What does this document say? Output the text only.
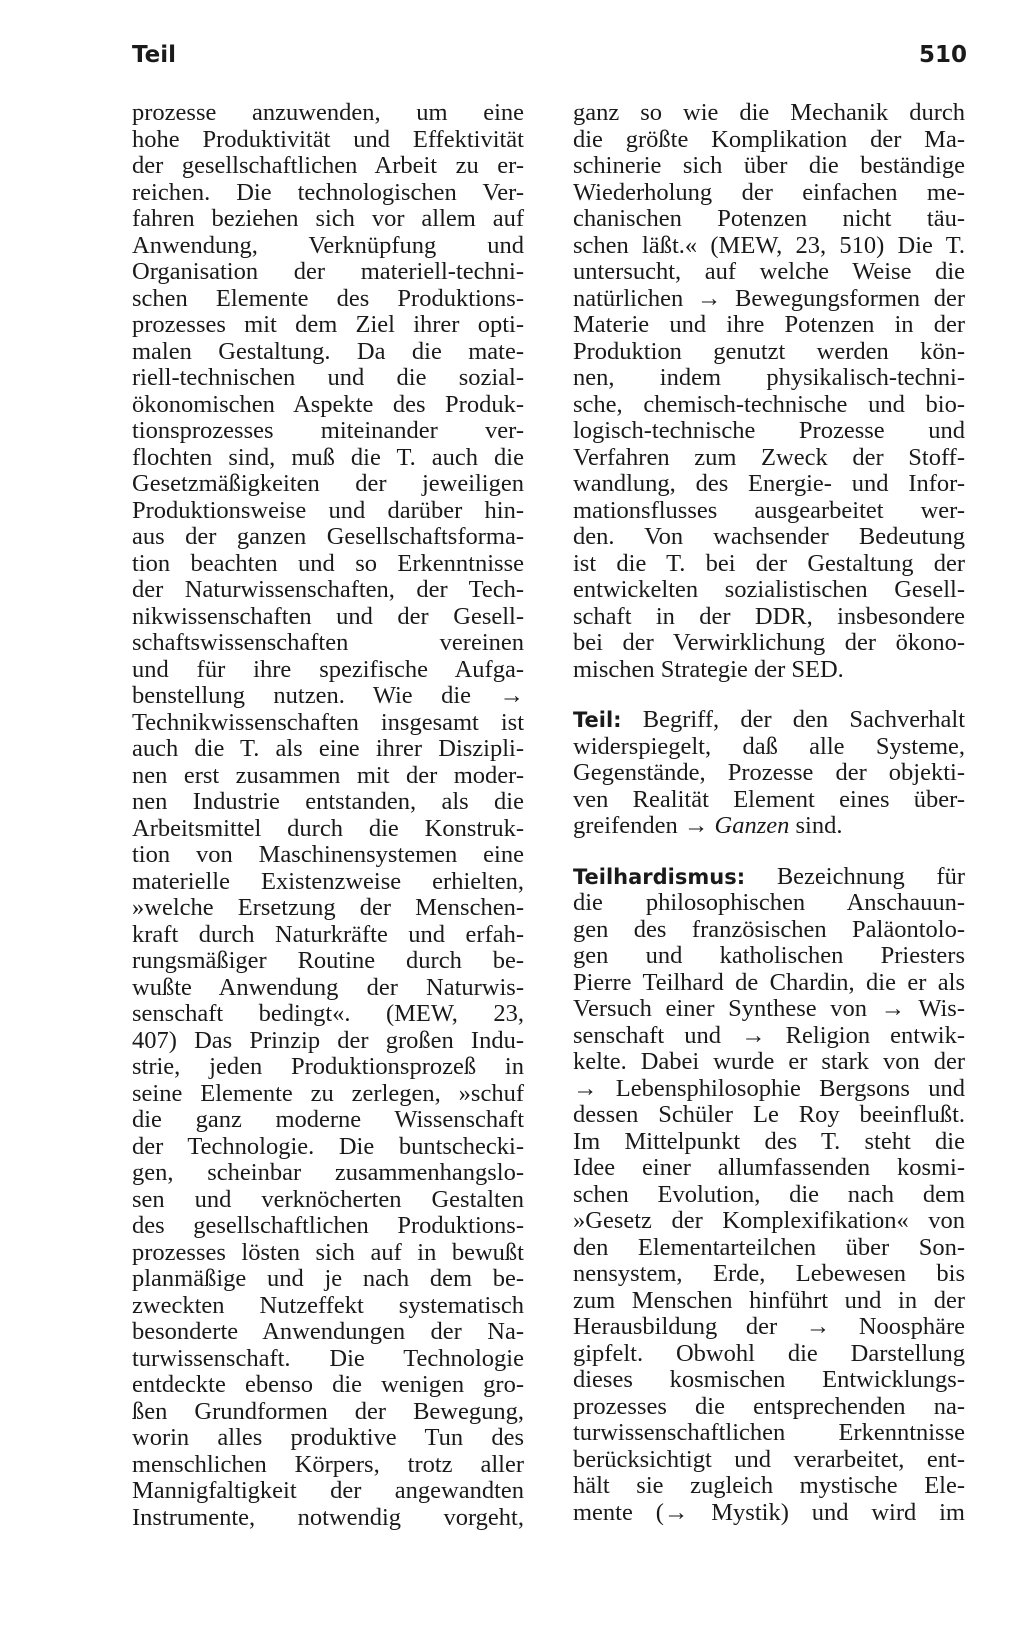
Teil	510
prozesse anzuwenden, um eine
hohe Produktivität und Effektivität
der gesellschaftlichen Arbeit zu er-
reichen. Die technologischen Ver-
fahren beziehen sich vor allem auf
Anwendung, Verknüpfung und
Organisation der materiell-techni-
schen Elemente des Produktions-
prozesses mit dem Ziel ihrer opti-
malen Gestaltung. Da die mate-
riell-technischen und die sozial-
ökonomischen Aspekte des Produk-
tionsprozesses miteinander ver-
flochten sind, muß die T. auch die
Gesetzmäßigkeiten der jeweiligen
Produktionsweise und darüber hin-
aus der ganzen Gesellschaftsforma-
tion beachten und so Erkenntnisse
der Naturwissenschaften, der Tech-
nikwissenschaften und der Gesell-
schaftswissenschaften vereinen
und für ihre spezifische Aufga-
benstellung nutzen. Wie die →
Technikwissenschaften insgesamt ist
auch die T. als eine ihrer Diszipli-
nen erst zusammen mit der moder-
nen Industrie entstanden, als die
Arbeitsmittel durch die Konstruk-
tion von Maschinensystemen eine
materielle Existenzweise erhielten,
»welche Ersetzung der Menschen-
kraft durch Naturkräfte und erfah-
rungsmäßiger Routine durch be-
wußte Anwendung der Naturwis-
senschaft bedingt«. (MEW, 23,
407) Das Prinzip der großen Indu-
strie, jeden Produktionsprozeß in
seine Elemente zu zerlegen, »schuf
die ganz moderne Wissenschaft
der Technologie. Die buntschecki-
gen, scheinbar zusammenhangslo-
sen und verknöcherten Gestalten
des gesellschaftlichen Produktions-
prozesses lösten sich auf in bewußt
planmäßige und je nach dem be-
zweckten Nutzeffekt systematisch
besonderte Anwendungen der Na-
turwissenschaft. Die Technologie
entdeckte ebenso die wenigen gro-
ßen Grundformen der Bewegung,
worin alles produktive Tun des
menschlichen Körpers, trotz aller
Mannigfaltigkeit der angewandten
Instrumente, notwendig vorgeht,
ganz so wie die Mechanik durch
die größte Komplikation der Ma-
schinerie sich über die beständige
Wiederholung der einfachen me-
chanischen Potenzen nicht täu-
schen läßt.« (MEW, 23, 510) Die T.
untersucht, auf welche Weise die
natürlichen → Bewegungsformen der
Materie und ihre Potenzen in der
Produktion genutzt werden kön-
nen, indem physikalisch-techni-
sche, chemisch-technische und bio-
logisch-technische Prozesse und
Verfahren zum Zweck der Stoff-
wandlung, des Energie- und Infor-
mationsflusses ausgearbeitet wer-
den. Von wachsender Bedeutung
ist die T. bei der Gestaltung der
entwickelten sozialistischen Gesell-
schaft in der DDR, insbesondere
bei der Verwirklichung der ökono-
mischen Strategie der SED.
Teil: Begriff, der den Sachverhalt
widerspiegelt, daß alle Systeme,
Gegenstände, Prozesse der objekti-
ven Realität Element eines über-
greifenden → Ganzen sind.
Teilhardismus: Bezeichnung für
die philosophischen Anschauun-
gen des französischen Paläontolo-
gen und katholischen Priesters
Pierre Teilhard de Chardin, die er als
Versuch einer Synthese von → Wis-
senschaft und → Religion entwik-
kelte. Dabei wurde er stark von der
→ Lebensphilosophie Bergsons und
dessen Schüler Le Roy beeinflußt.
Im Mittelpunkt des T. steht die
Idee einer allumfassenden kosmi-
schen Evolution, die nach dem
»Gesetz der Komplexifikation« von
den Elementarteilchen über Son-
nensystem, Erde, Lebewesen bis
zum Menschen hinführt und in der
Herausbildung der → Noosphäre
gipfelt. Obwohl die Darstellung
dieses kosmischen Entwicklungs-
prozesses die entsprechenden na-
turwissenschaftlichen Erkenntnisse
berücksichtigt und verarbeitet, ent-
hält sie zugleich mystische Ele-
mente (→ Mystik) und wird im
